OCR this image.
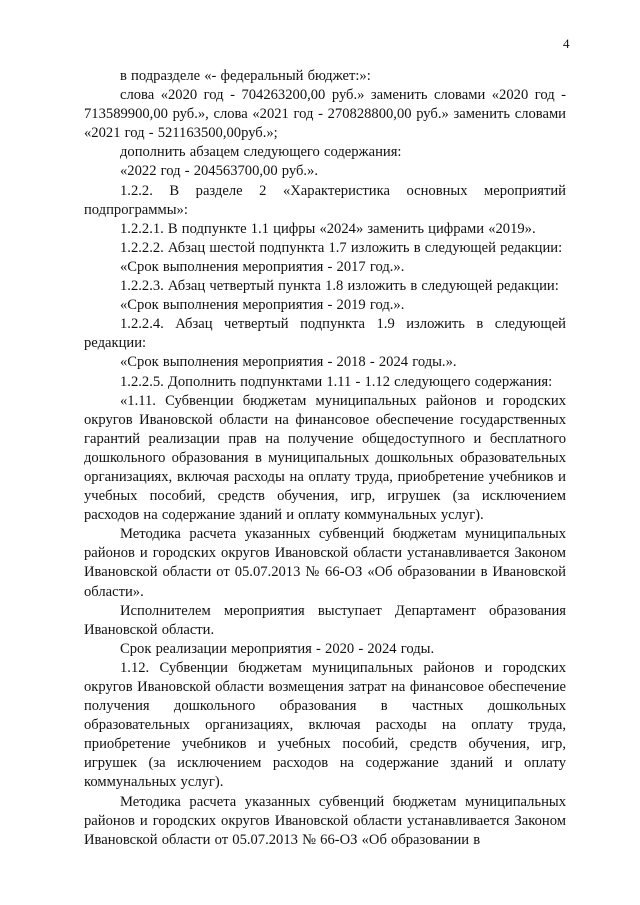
4

в подразделе «- федеральный бюджет:»:

слова «2020 год - 704263200,00 руб.» заменить словами «2020 год - 713589900,00 руб.», слова «2021 год - 270828800,00 руб.» заменить словами «2021 год - 521163500,00руб.»;

дополнить абзацем следующего содержания:

«2022 год - 204563700,00 руб.».

1.2.2. В разделе 2 «Характеристика основных мероприятий подпрограммы»:

1.2.2.1. В подпункте 1.1 цифры «2024» заменить цифрами «2019».

1.2.2.2. Абзац шестой подпункта 1.7 изложить в следующей редакции:

«Срок выполнения мероприятия - 2017 год.».

1.2.2.3. Абзац четвертый пункта 1.8 изложить в следующей редакции:

«Срок выполнения мероприятия - 2019 год.».

1.2.2.4. Абзац четвертый подпункта 1.9 изложить в следующей редакции:

«Срок выполнения мероприятия - 2018 - 2024 годы.».

1.2.2.5. Дополнить подпунктами 1.11 - 1.12 следующего содержания:

«1.11. Субвенции бюджетам муниципальных районов и городских округов Ивановской области на финансовое обеспечение государственных гарантий реализации прав на получение общедоступного и бесплатного дошкольного образования в муниципальных дошкольных образовательных организациях, включая расходы на оплату труда, приобретение учебников и учебных пособий, средств обучения, игр, игрушек (за исключением расходов на содержание зданий и оплату коммунальных услуг).

Методика расчета указанных субвенций бюджетам муниципальных районов и городских округов Ивановской области устанавливается Законом Ивановской области от 05.07.2013 № 66-ОЗ «Об образовании в Ивановской области».

Исполнителем мероприятия выступает Департамент образования Ивановской области.

Срок реализации мероприятия - 2020 - 2024 годы.

1.12. Субвенции бюджетам муниципальных районов и городских округов Ивановской области возмещения затрат на финансовое обеспечение получения дошкольного образования в частных дошкольных образовательных организациях, включая расходы на оплату труда, приобретение учебников и учебных пособий, средств обучения, игр, игрушек (за исключением расходов на содержание зданий и оплату коммунальных услуг).

Методика расчета указанных субвенций бюджетам муниципальных районов и городских округов Ивановской области устанавливается Законом Ивановской области от 05.07.2013 № 66-ОЗ «Об образовании в
